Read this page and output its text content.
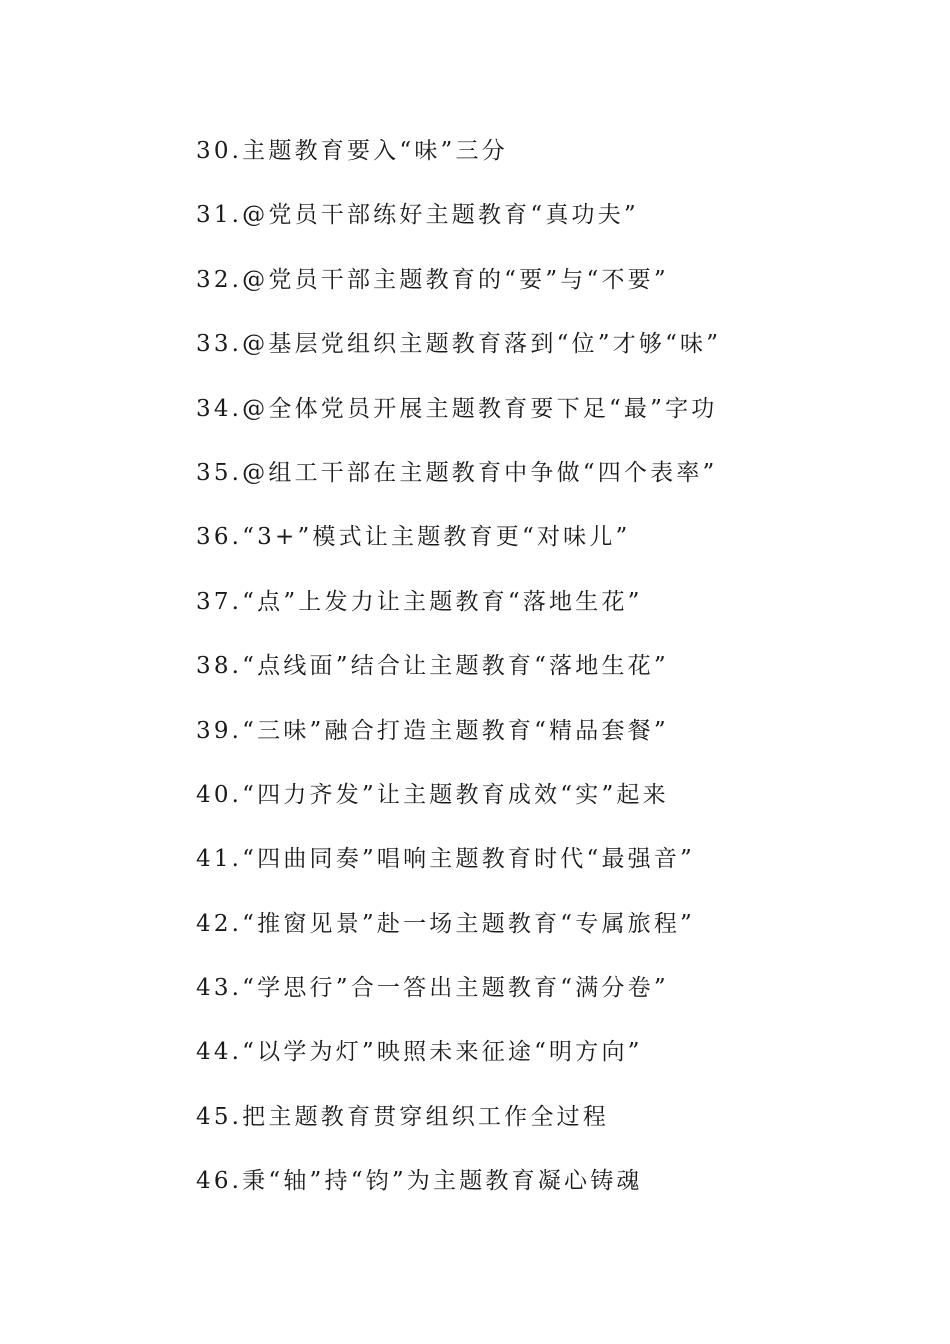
30.主题教育要入“味”三分
31.@党员干部练好主题教育“真功夫”
32.@党员干部主题教育的“要”与“不要”
33.@基层党组织主题教育落到“位”才够“味”
34.@全体党员开展主题教育要下足“最”字功
35.@组工干部在主题教育中争做“四个表率”
36.“3+”模式让主题教育更“对味儿”
37.“点”上发力让主题教育“落地生花”
38.“点线面”结合让主题教育“落地生花”
39.“三味”融合打造主题教育“精品套餐”
40.“四力齐发”让主题教育成效“实”起来
41.“四曲同奏”唱响主题教育时代“最强音”
42.“推窗见景”赴一场主题教育“专属旅程”
43.“学思行”合一答出主题教育“满分卷”
44.“以学为灯”映照未来征途“明方向”
45.把主题教育贯穿组织工作全过程
46.秉“轴”持“钧”为主题教育凝心铸魂
